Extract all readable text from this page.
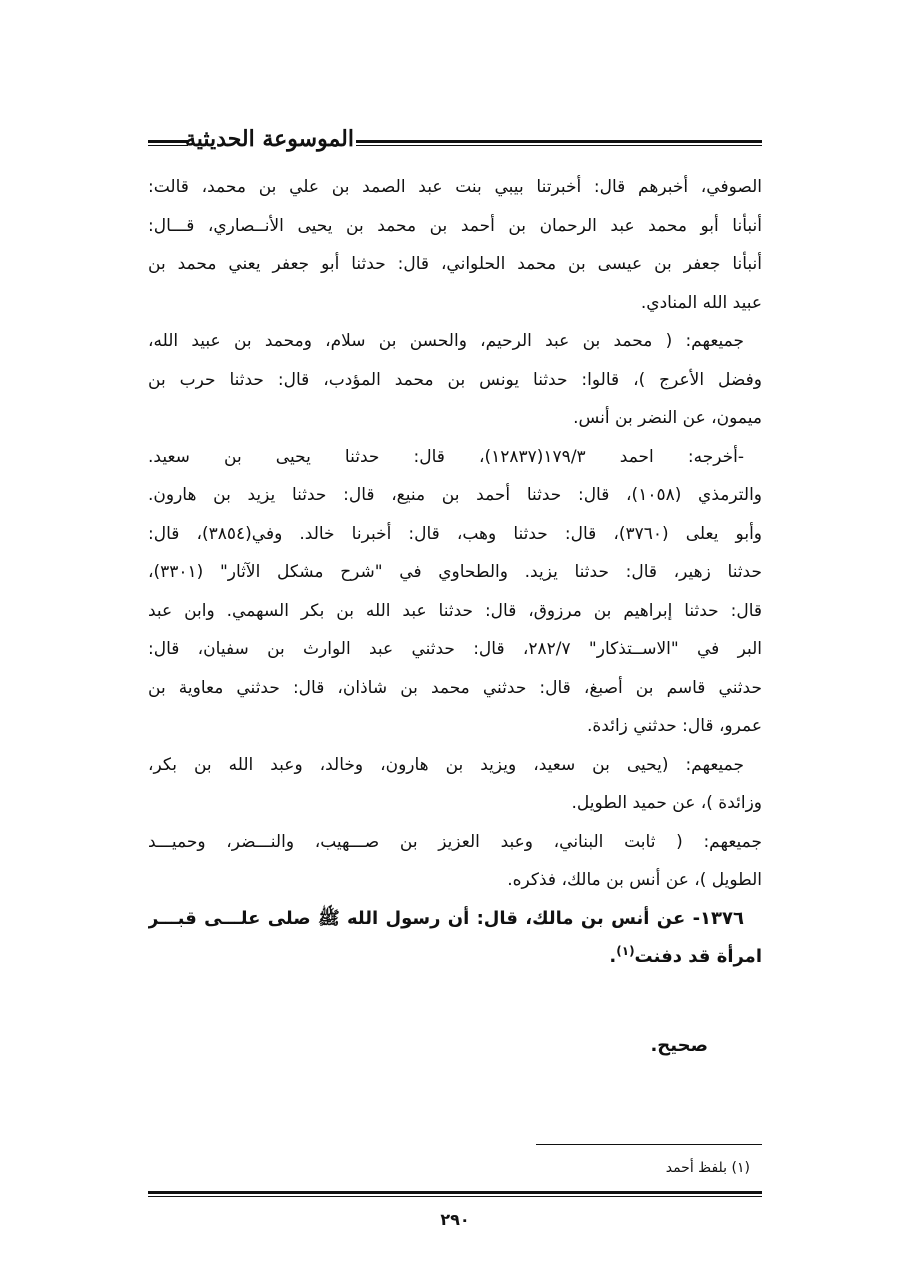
الموسوعة الحديثية
الصوفي، أخبرهم قال: أخبرتنا بيبي بنت عبد الصمد بن علي بن محمد، قالت:
أنبأنا أبو محمد عبد الرحمان بن أحمد بن محمد بن يحيى الأنــصاري، قـــال:
أنبأنا جعفر بن عيسى بن محمد الحلواني، قال: حدثنا أبو جعفر يعني محمد بن
عبيد الله المنادي.
جميعهم: ( محمد بن عبد الرحيم، والحسن بن سلام، ومحمد بن عبيد الله،
وفضل الأعرج )، قالوا: حدثنا يونس بن محمد المؤدب، قال: حدثنا حرب بن
ميمون، عن النضر بن أنس.
-أخرجه: احمد ١٧٩/٣(١٢٨٣٧)، قال: حدثنا يحيى بن سعيد.
والترمذي (١٠٥٨)، قال: حدثنا أحمد بن منيع، قال: حدثنا يزيد بن هارون.
وأبو يعلى (٣٧٦٠)، قال: حدثنا وهب، قال: أخبرنا خالد. وفي(٣٨٥٤)، قال:
حدثنا زهير، قال: حدثنا يزيد. والطحاوي في "شرح مشكل الآثار" (٣٣٠١)،
قال: حدثنا إبراهيم بن مرزوق، قال: حدثنا عبد الله بن بكر السهمي. وابن عبد
البر في "الاســتذكار" ٢٨٢/٧، قال: حدثني عبد الوارث بن سفيان، قال:
حدثني قاسم بن أصبغ، قال: حدثني محمد بن شاذان، قال: حدثني معاوية بن
عمرو، قال: حدثني زائدة.
جميعهم: (يحيى بن سعيد، ويزيد بن هارون، وخالد، وعبد الله بن بكر،
وزائدة )، عن حميد الطويل.
جميعهم: ( ثابت البناني، وعبد العزيز بن صـــهيب، والنـــضر، وحميـــد
الطويل )، عن أنس بن مالك، فذكره.
١٣٧٦- عن أنس بن مالك، قال: أن رسول الله ﷺ صلى علـــى قبـــر
امرأة قد دفنت$^{(١)}$.
صحيح.
(١) بلفظ أحمد
٢٩٠
